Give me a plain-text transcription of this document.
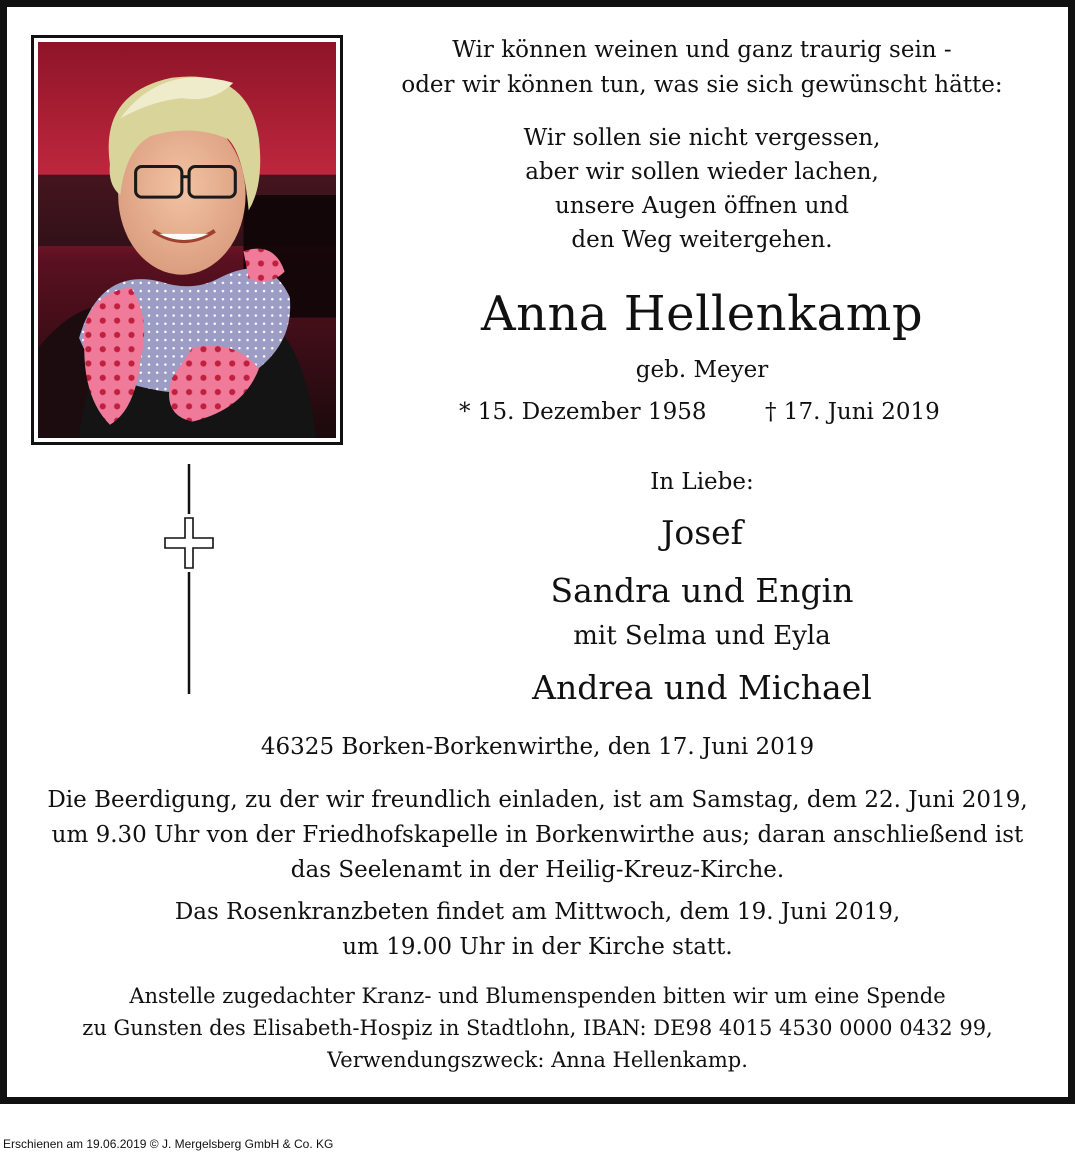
Wir können weinen und ganz traurig sein -
oder wir können tun, was sie sich gewünscht hätte:
Wir sollen sie nicht vergessen,
aber wir sollen wieder lachen,
unsere Augen öffnen und
den Weg weitergehen.
Anna Hellenkamp
geb. Meyer
* 15. Dezember 1958	† 17. Juni 2019
In Liebe:
Josef
Sandra und Engin
mit Selma und Eyla
Andrea und Michael
46325 Borken-Borkenwirthe, den 17. Juni 2019
Die Beerdigung, zu der wir freundlich einladen, ist am Samstag, dem 22. Juni 2019,
um 9.30 Uhr von der Friedhofskapelle in Borkenwirthe aus; daran anschließend ist
das Seelenamt in der Heilig-Kreuz-Kirche.
Das Rosenkranzbeten findet am Mittwoch, dem 19. Juni 2019,
um 19.00 Uhr in der Kirche statt.
Anstelle zugedachter Kranz- und Blumenspenden bitten wir um eine Spende
zu Gunsten des Elisabeth-Hospiz in Stadtlohn, IBAN: DE98 4015 4530 0000 0432 99,
Verwendungszweck: Anna Hellenkamp.
Erschienen am 19.06.2019 © J. Mergelsberg GmbH & Co. KG
